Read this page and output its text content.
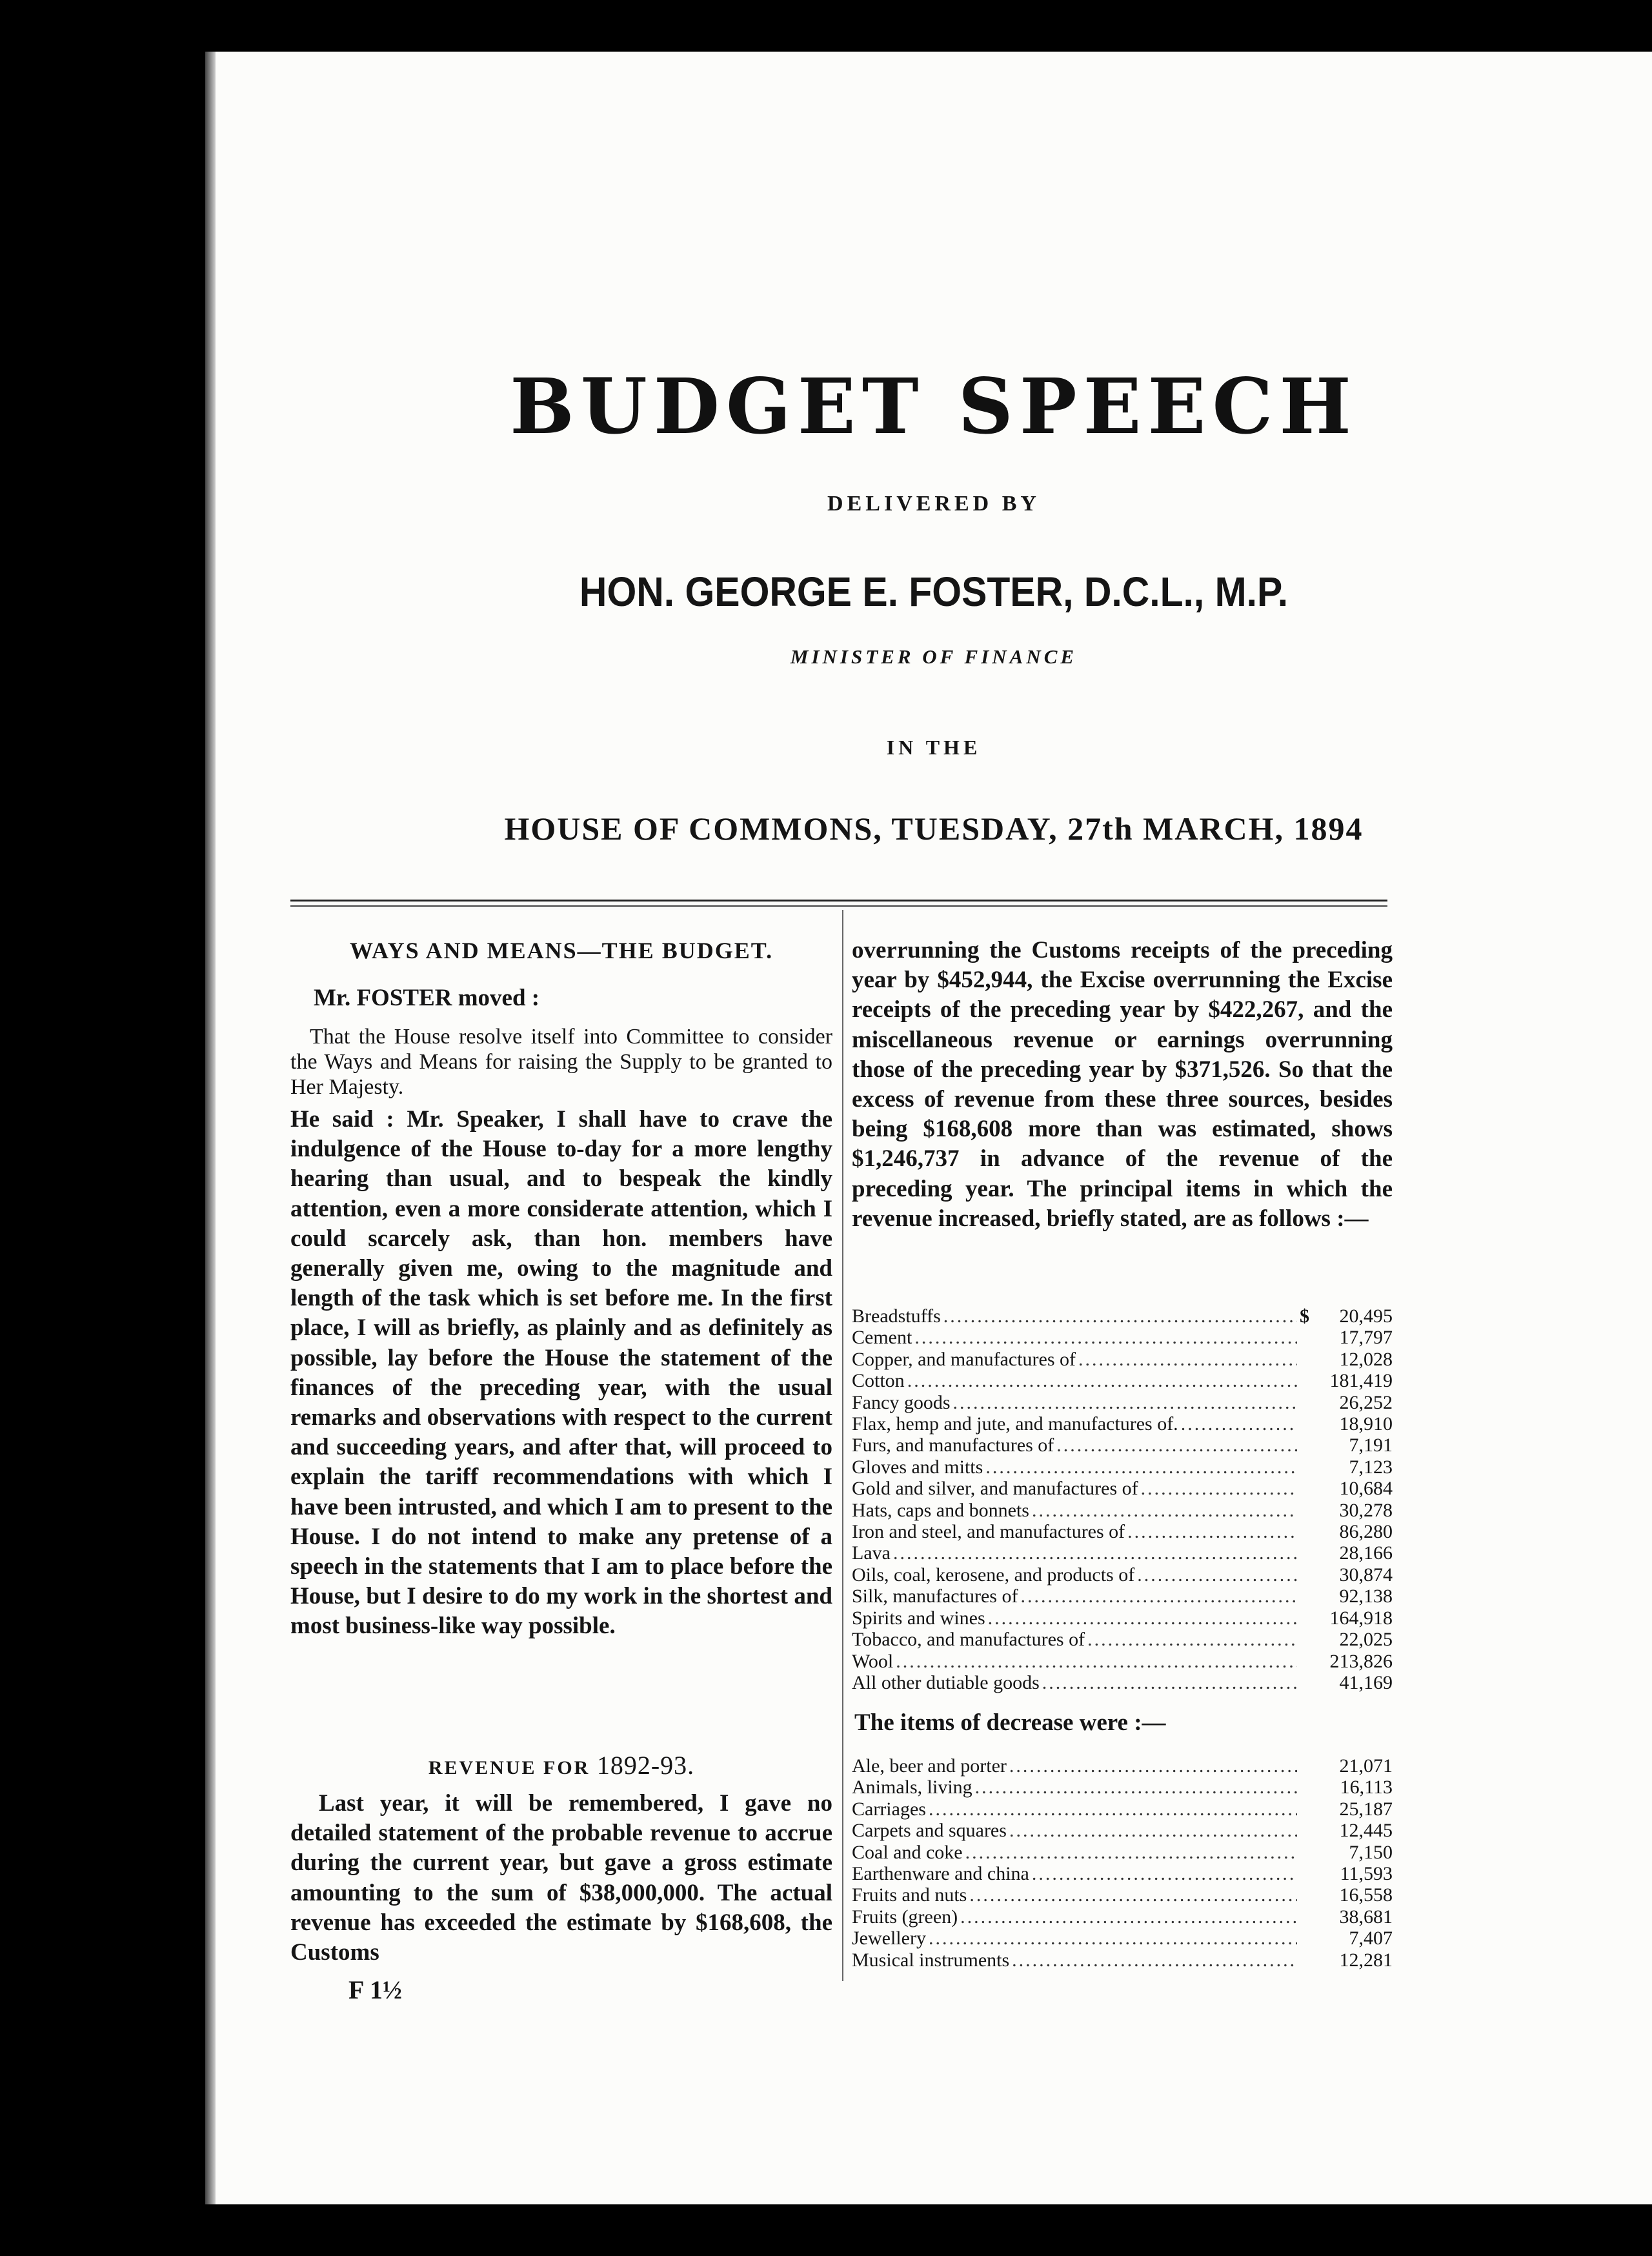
BUDGET SPEECH
DELIVERED BY
HON. GEORGE E. FOSTER, D.C.L., M.P.
MINISTER OF FINANCE
IN THE
HOUSE OF COMMONS, TUESDAY, 27th MARCH, 1894
WAYS AND MEANS—THE BUDGET.
Mr. FOSTER moved :
That the House resolve itself into Committee to consider the Ways and Means for raising the Supply to be granted to Her Majesty.
He said : Mr. Speaker, I shall have to crave the indulgence of the House to-day for a more lengthy hearing than usual, and to bespeak the kindly attention, even a more considerate attention, which I could scarcely ask, than hon. members have generally given me, owing to the magnitude and length of the task which is set before me. In the first place, I will as briefly, as plainly and as definitely as possible, lay before the House the statement of the finances of the preceding year, with the usual remarks and observations with respect to the current and succeeding years, and after that, will proceed to explain the tariff recommendations with which I have been intrusted, and which I am to present to the House. I do not intend to make any pretense of a speech in the statements that I am to place before the House, but I desire to do my work in the shortest and most business-like way possible.
REVENUE FOR 1892-93.
Last year, it will be remembered, I gave no detailed statement of the probable revenue to accrue during the current year, but gave a gross estimate amounting to the sum of $38,000,000. The actual revenue has exceeded the estimate by $168,608, the Customs
F 1½
overrunning the Customs receipts of the preceding year by $452,944, the Excise overrunning the Excise receipts of the preceding year by $422,267, and the miscellaneous revenue or earnings overrunning those of the preceding year by $371,526. So that the excess of revenue from these three sources, besides being $168,608 more than was estimated, shows $1,246,737 in advance of the revenue of the preceding year. The principal items in which the revenue increased, briefly stated, are as follows :—
Breadstuffs .....	$	20,495
Cement .....	17,797
Copper, and manufactures of .....	12,028
Cotton .....	181,419
Fancy goods .....	26,252
Flax, hemp and jute, and manufactures of. .....	18,910
Furs, and manufactures of .....	7,191
Gloves and mitts .....	7,123
Gold and silver, and manufactures of .....	10,684
Hats, caps and bonnets .....	30,278
Iron and steel, and manufactures of .....	86,280
Lava .....	28,166
Oils, coal, kerosene, and products of .....	30,874
Silk, manufactures of .....	92,138
Spirits and wines .....	164,918
Tobacco, and manufactures of .....	22,025
Wool .....	213,826
All other dutiable goods .....	41,169
The items of decrease were :—
Ale, beer and porter .....	21,071
Animals, living .....	16,113
Carriages .....	25,187
Carpets and squares .....	12,445
Coal and coke .....	7,150
Earthenware and china .....	11,593
Fruits and nuts .....	16,558
Fruits (green) .....	38,681
Jewellery .....	7,407
Musical instruments .....	12,281
